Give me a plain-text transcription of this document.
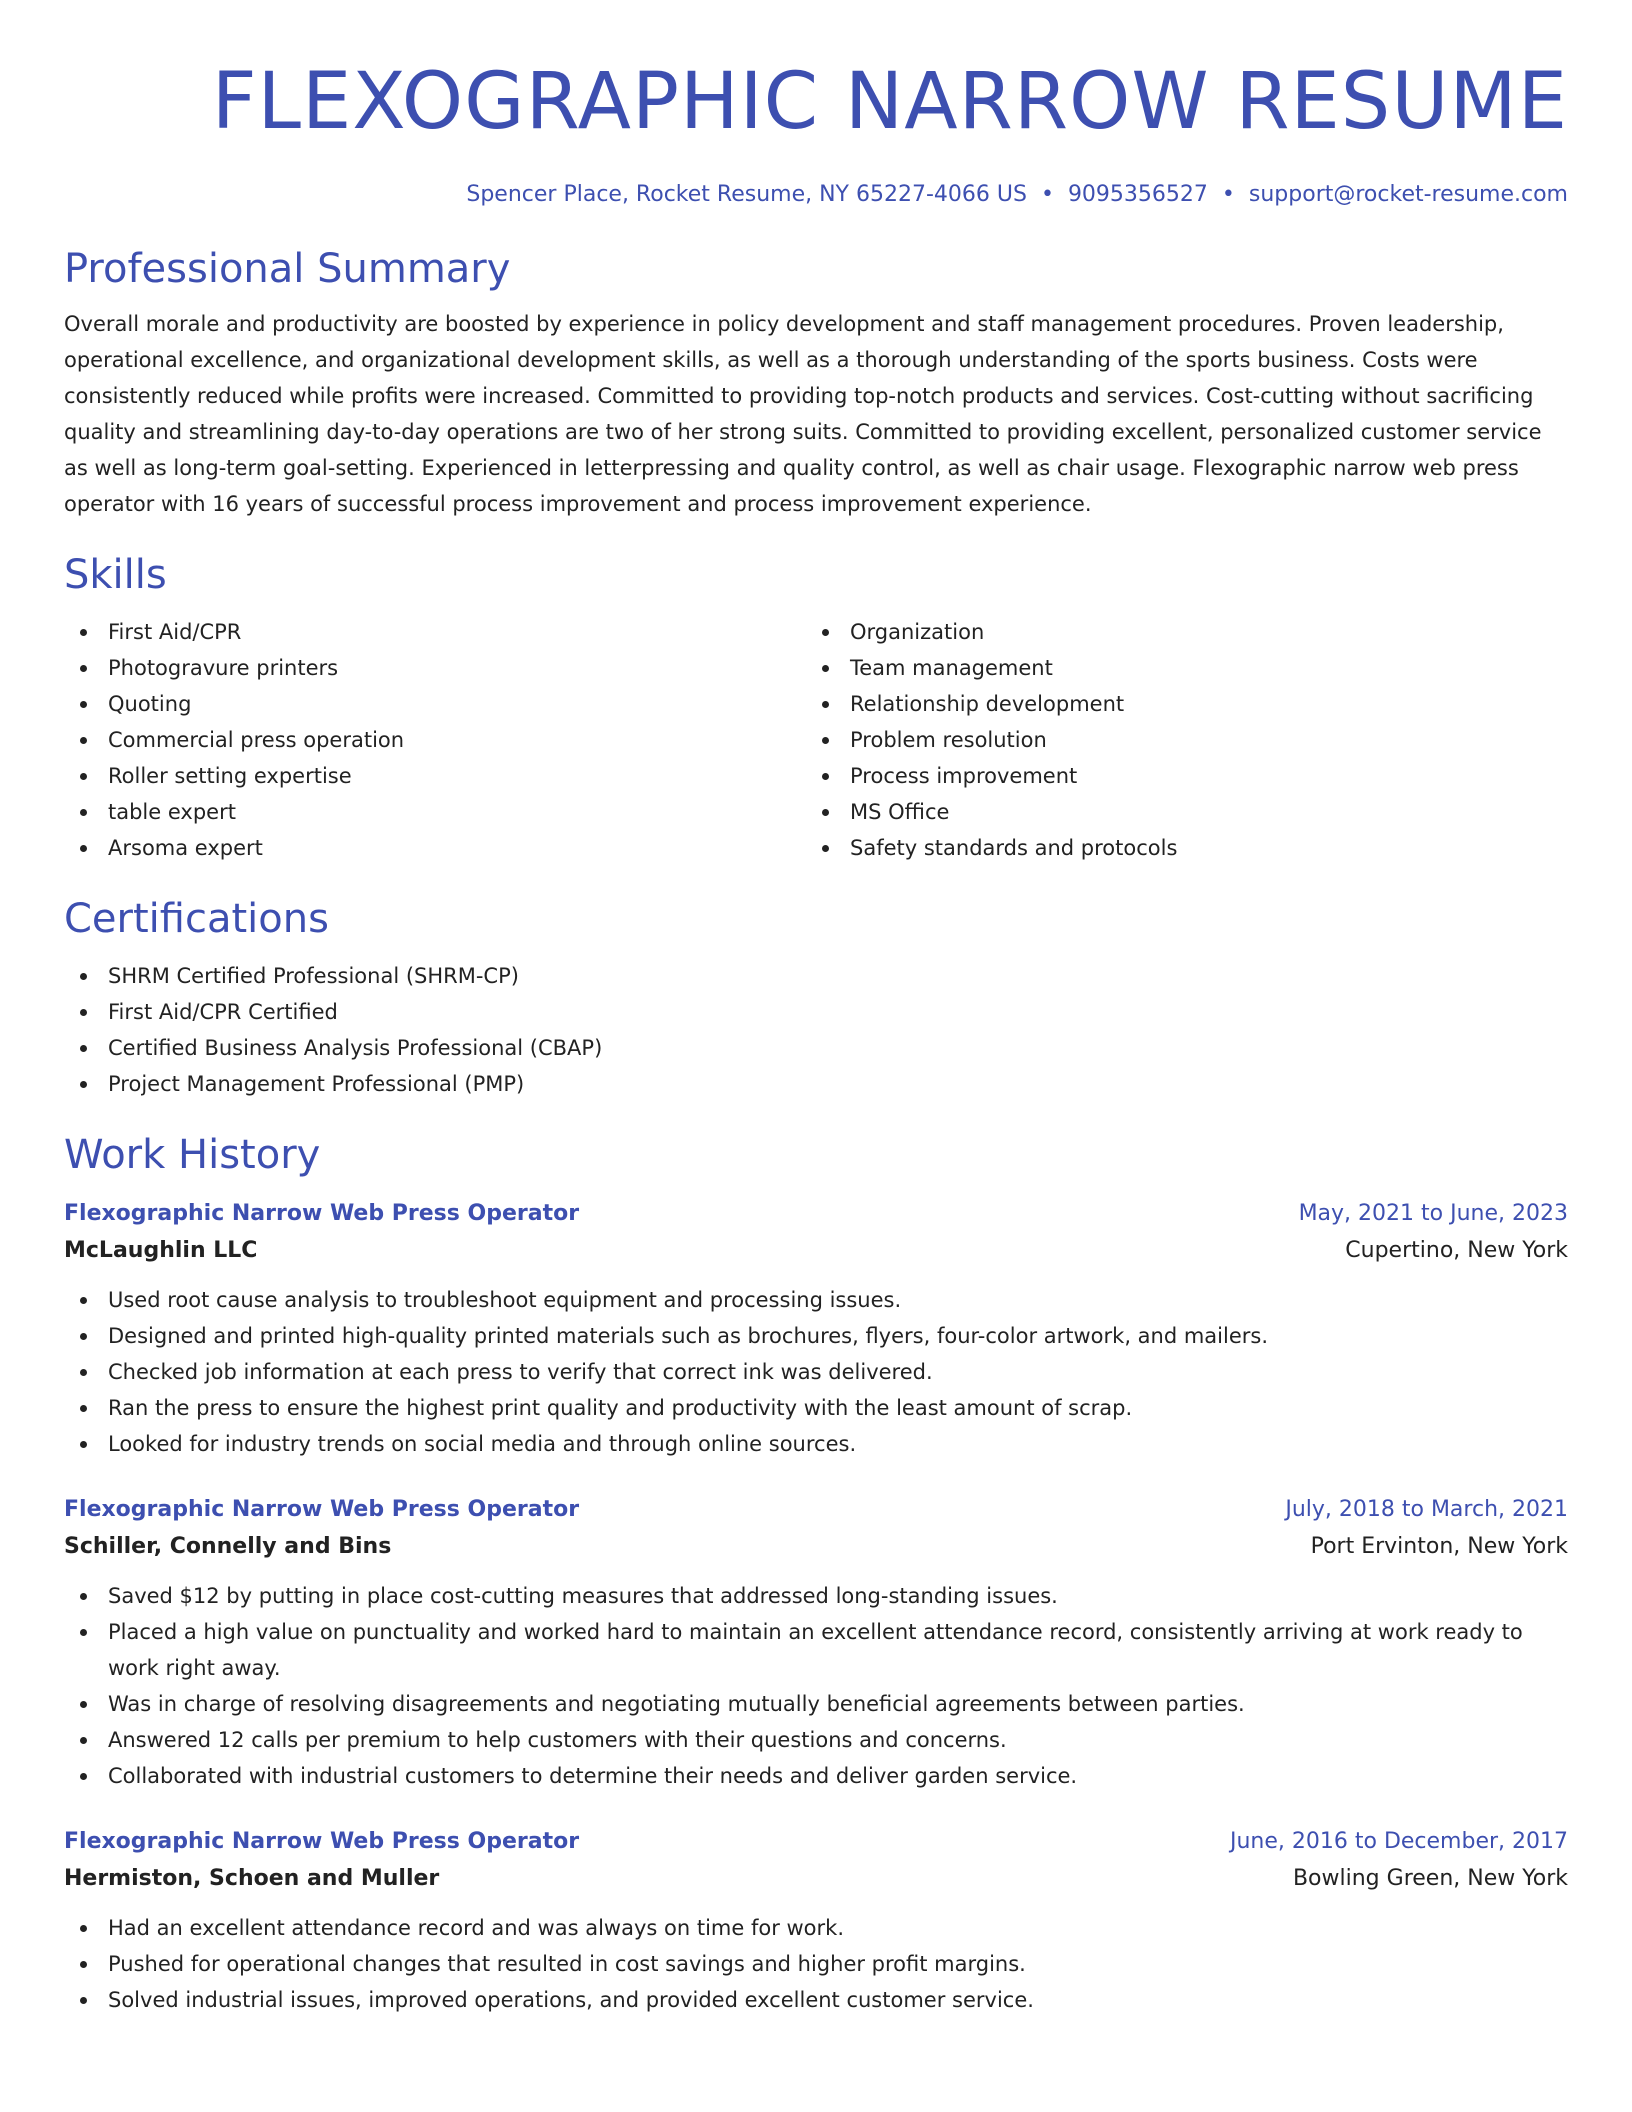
FLEXOGRAPHIC NARROW RESUME
Spencer Place, Rocket Resume, NY 65227-4066 US • 9095356527 • support@rocket-resume.com
Professional Summary
Overall morale and productivity are boosted by experience in policy development and staff management procedures. Proven leadership, operational excellence, and organizational development skills, as well as a thorough understanding of the sports business. Costs were consistently reduced while profits were increased. Committed to providing top-notch products and services. Cost-cutting without sacrificing quality and streamlining day-to-day operations are two of her strong suits. Committed to providing excellent, personalized customer service as well as long-term goal-setting. Experienced in letterpressing and quality control, as well as chair usage. Flexographic narrow web press operator with 16 years of successful process improvement and process improvement experience.
Skills
First Aid/CPR
Photogravure printers
Quoting
Commercial press operation
Roller setting expertise
table expert
Arsoma expert
Organization
Team management
Relationship development
Problem resolution
Process improvement
MS Office
Safety standards and protocols
Certifications
SHRM Certified Professional (SHRM-CP)
First Aid/CPR Certified
Certified Business Analysis Professional (CBAP)
Project Management Professional (PMP)
Work History
Flexographic Narrow Web Press Operator	May, 2021 to June, 2023
McLaughlin LLC	Cupertino, New York
Used root cause analysis to troubleshoot equipment and processing issues.
Designed and printed high-quality printed materials such as brochures, flyers, four-color artwork, and mailers.
Checked job information at each press to verify that correct ink was delivered.
Ran the press to ensure the highest print quality and productivity with the least amount of scrap.
Looked for industry trends on social media and through online sources.
Flexographic Narrow Web Press Operator	July, 2018 to March, 2021
Schiller, Connelly and Bins	Port Ervinton, New York
Saved $12 by putting in place cost-cutting measures that addressed long-standing issues.
Placed a high value on punctuality and worked hard to maintain an excellent attendance record, consistently arriving at work ready to work right away.
Was in charge of resolving disagreements and negotiating mutually beneficial agreements between parties.
Answered 12 calls per premium to help customers with their questions and concerns.
Collaborated with industrial customers to determine their needs and deliver garden service.
Flexographic Narrow Web Press Operator	June, 2016 to December, 2017
Hermiston, Schoen and Muller	Bowling Green, New York
Had an excellent attendance record and was always on time for work.
Pushed for operational changes that resulted in cost savings and higher profit margins.
Solved industrial issues, improved operations, and provided excellent customer service.
